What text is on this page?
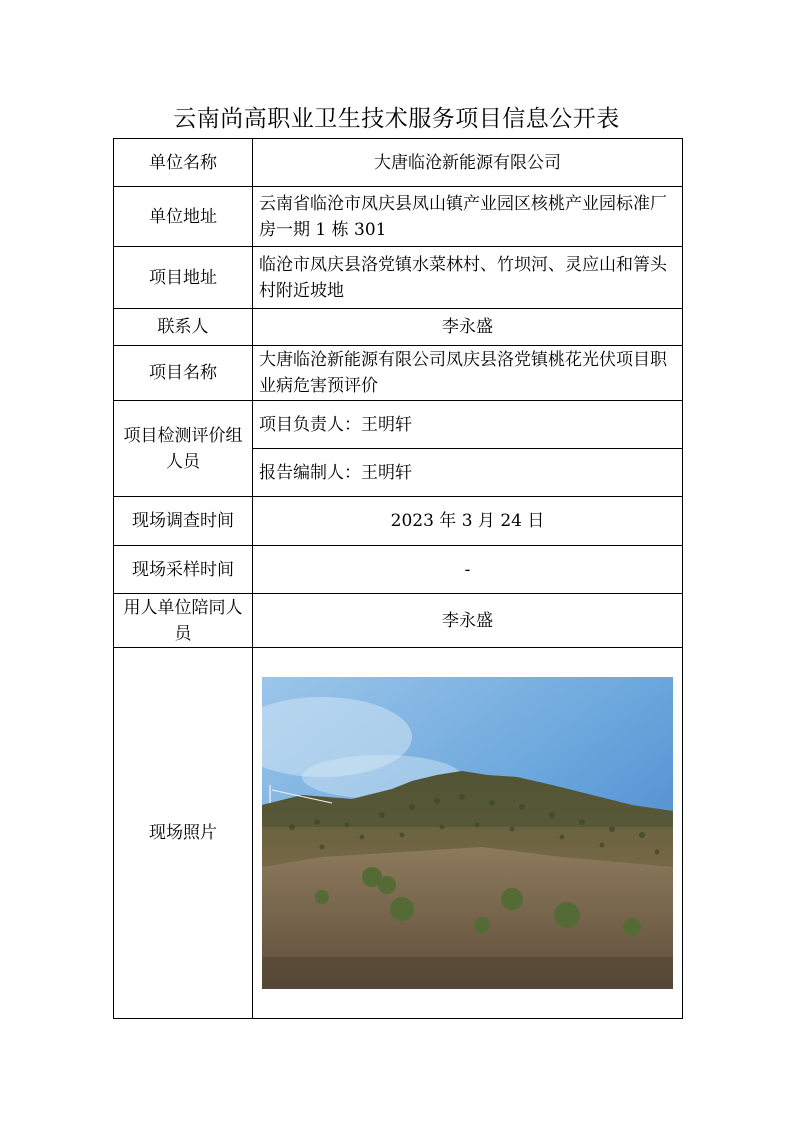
云南尚高职业卫生技术服务项目信息公开表
单位名称	大唐临沧新能源有限公司
单位地址	云南省临沧市凤庆县凤山镇产业园区核桃产业园标准厂房一期 1 栋 301
项目地址	临沧市凤庆县洛党镇水菜林村、竹坝河、灵应山和箐头村附近坡地
联系人	李永盛
项目名称	大唐临沧新能源有限公司凤庆县洛党镇桃花光伏项目职业病危害预评价
项目检测评价组人员	项目负责人：王明轩
	报告编制人：王明轩
现场调查时间	2023 年 3 月 24 日
现场采样时间	-
用人单位陪同人员	李永盛
现场照片	
